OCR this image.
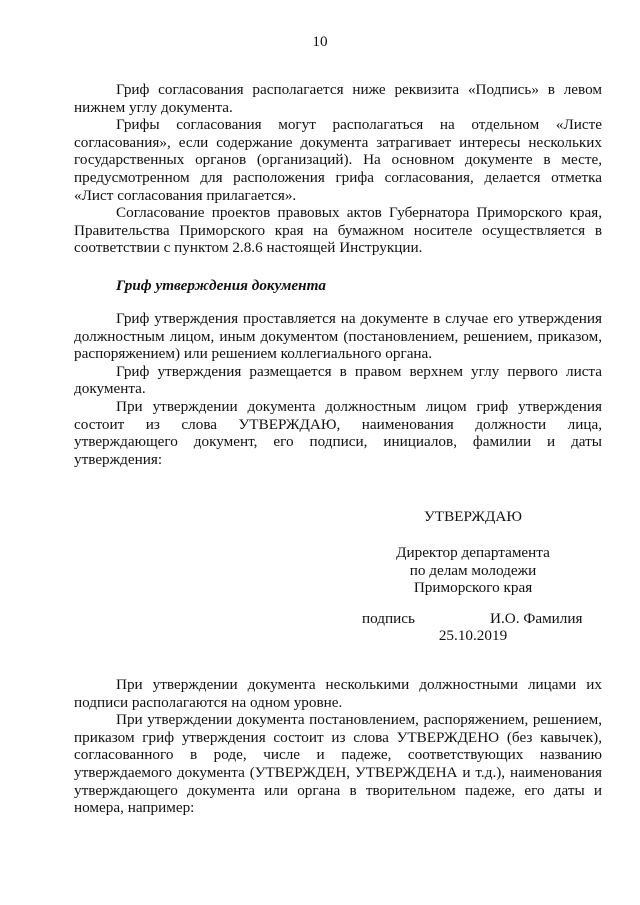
10

Гриф согласования располагается ниже реквизита «Подпись» в левом нижнем углу документа.

Грифы согласования могут располагаться на отдельном «Листе согласования», если содержание документа затрагивает интересы нескольких государственных органов (организаций). На основном документе в месте, предусмотренном для расположения грифа согласования, делается отметка «Лист согласования прилагается».

Согласование проектов правовых актов Губернатора Приморского края, Правительства Приморского края на бумажном носителе осуществляется в соответствии с пунктом 2.8.6 настоящей Инструкции.

Гриф утверждения документа

Гриф утверждения проставляется на документе в случае его утверждения должностным лицом, иным документом (постановлением, решением, приказом, распоряжением) или решением коллегиального органа.

Гриф утверждения размещается в правом верхнем углу первого листа документа.

При утверждении документа должностным лицом гриф утверждения состоит из слова УТВЕРЖДАЮ, наименования должности лица, утверждающего документ, его подписи, инициалов, фамилии и даты утверждения:

УТВЕРЖДАЮ
Директор департамента
по делам молодежи
Приморского края
подпись	И.О. Фамилия
25.10.2019

При утверждении документа несколькими должностными лицами их подписи располагаются на одном уровне.

При утверждении документа постановлением, распоряжением, решением, приказом гриф утверждения состоит из слова УТВЕРЖДЕНО (без кавычек), согласованного в роде, числе и падеже, соответствующих названию утверждаемого документа (УТВЕРЖДЕН, УТВЕРЖДЕНА и т.д.), наименования утверждающего документа или органа в творительном падеже, его даты и номера, например:
